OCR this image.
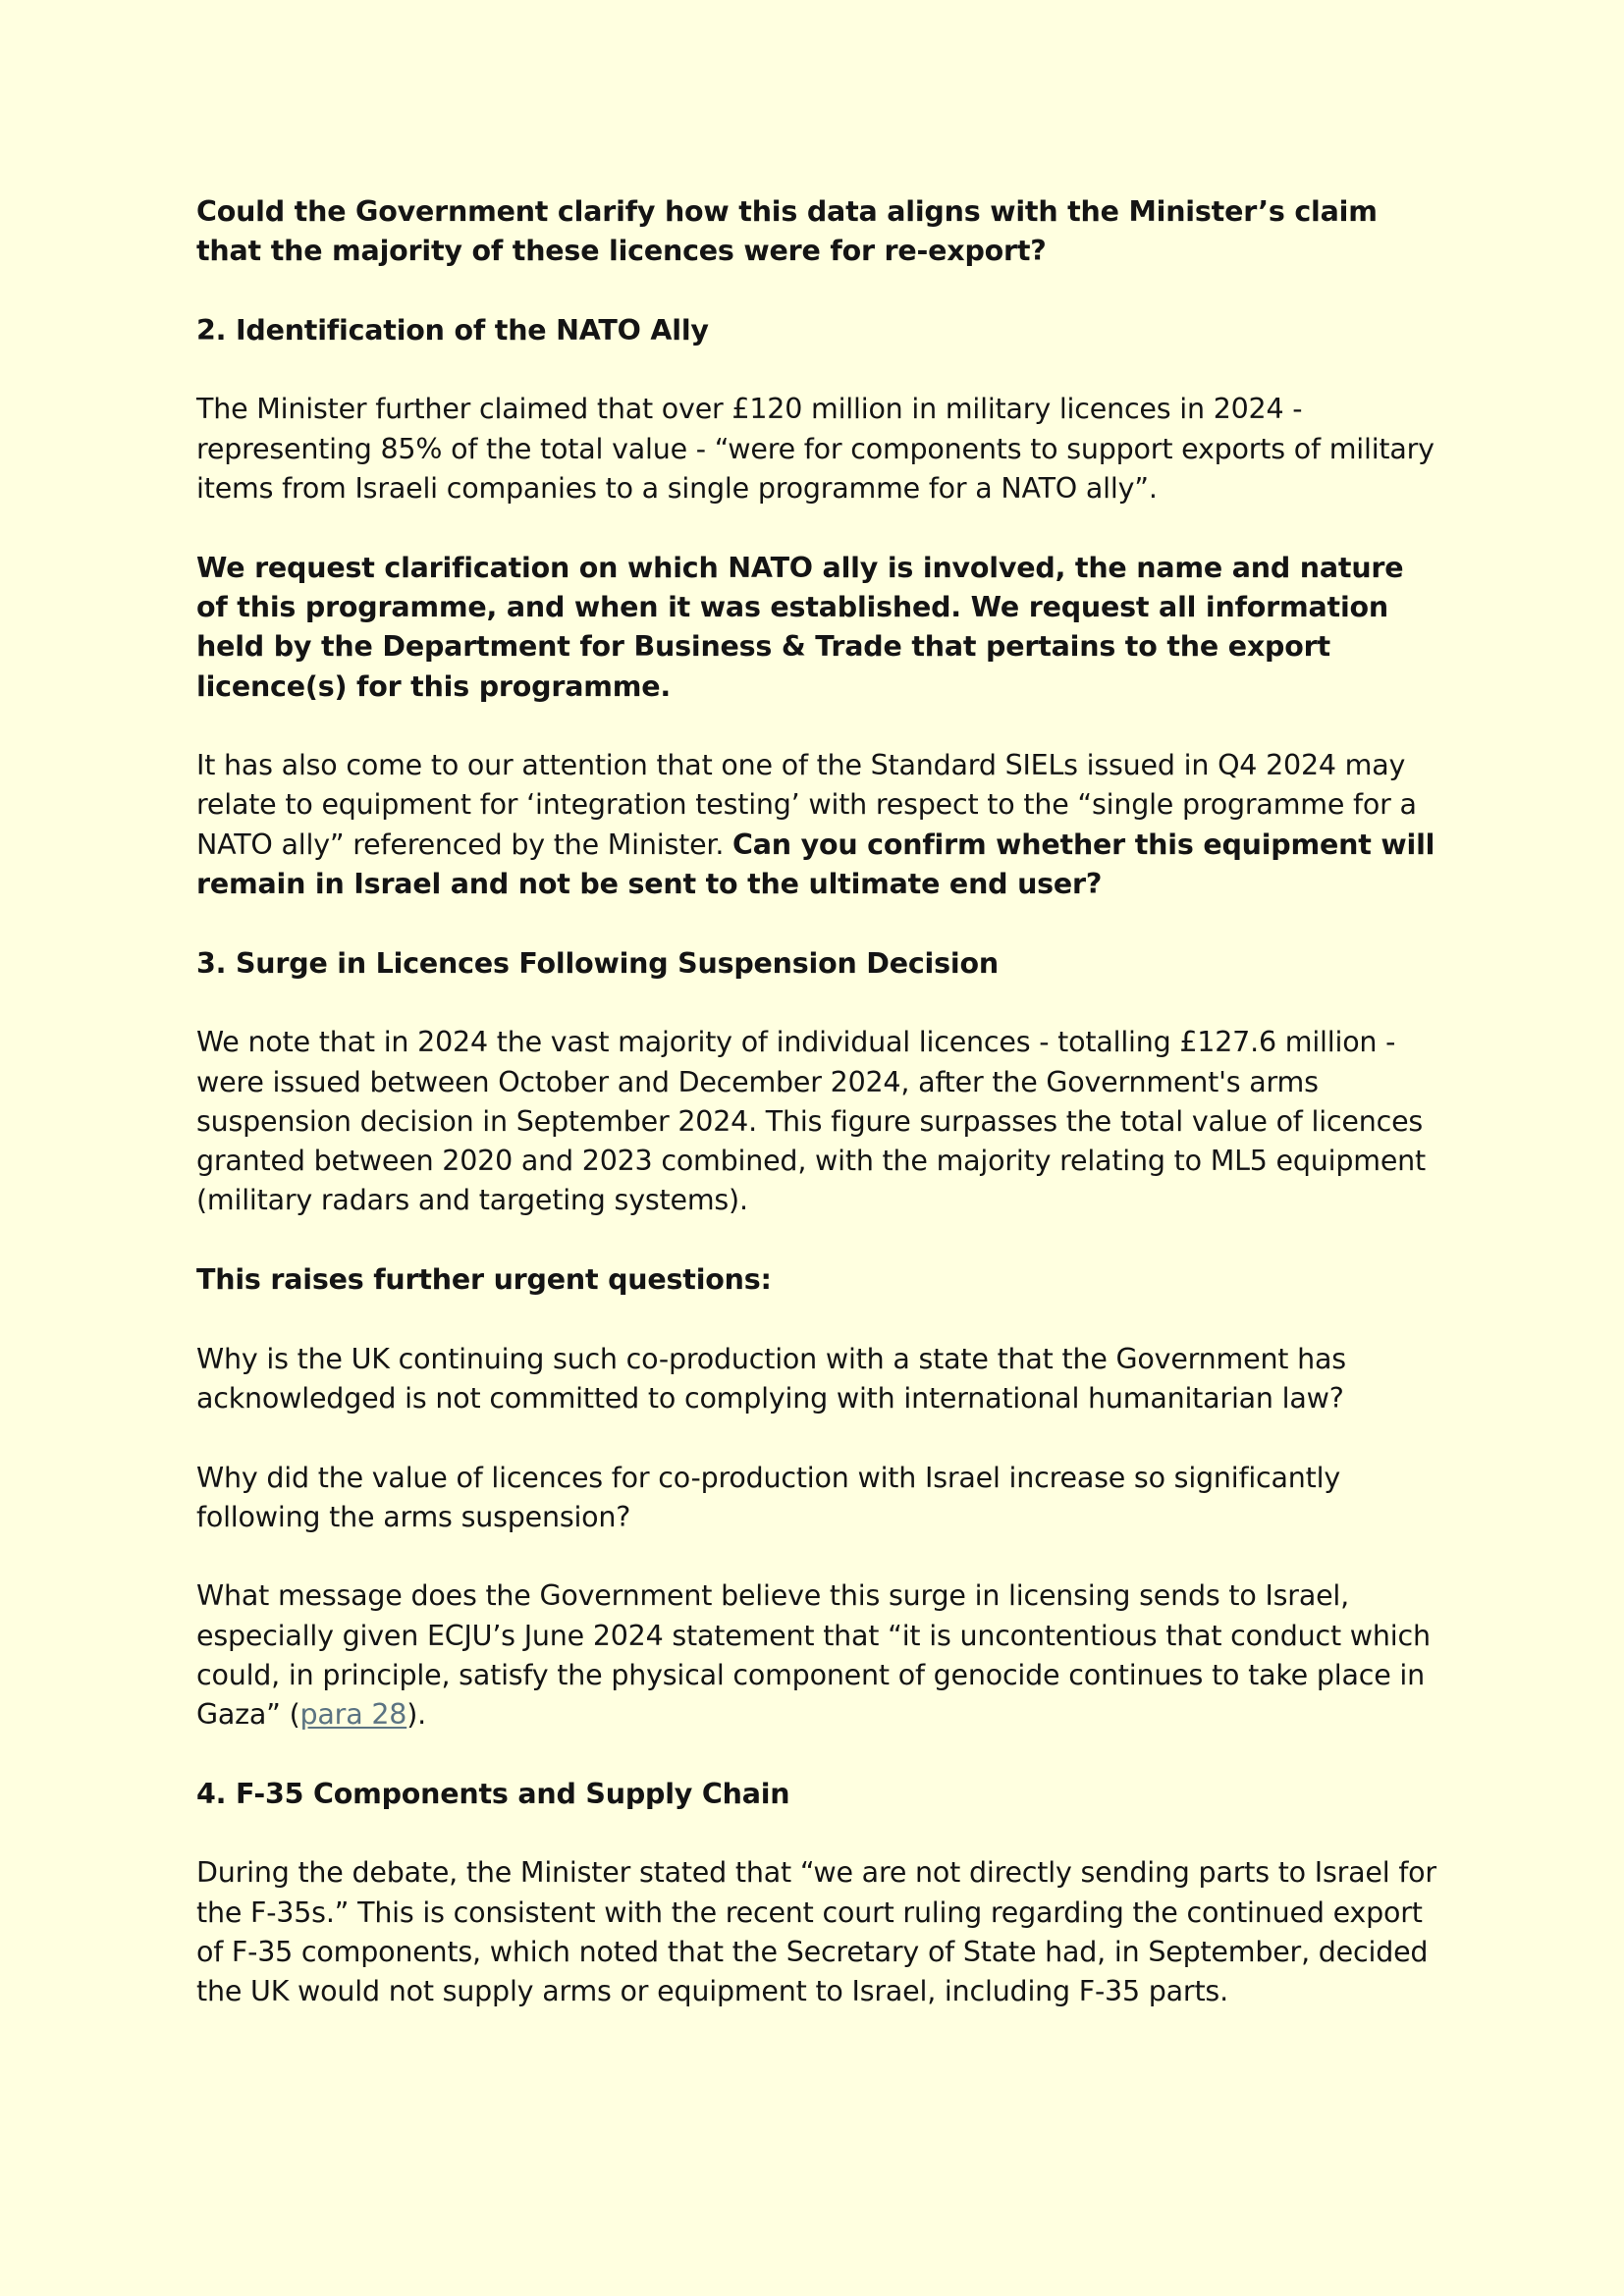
Could the Government clarify how this data aligns with the Minister’s claim that the majority of these licences were for re-export?

2. Identification of the NATO Ally

The Minister further claimed that over £120 million in military licences in 2024 - representing 85% of the total value - “were for components to support exports of military items from Israeli companies to a single programme for a NATO ally”.

We request clarification on which NATO ally is involved, the name and nature of this programme, and when it was established. We request all information held by the Department for Business & Trade that pertains to the export licence(s) for this programme.

It has also come to our attention that one of the Standard SIELs issued in Q4 2024 may relate to equipment for ‘integration testing’ with respect to the “single programme for a NATO ally” referenced by the Minister. Can you confirm whether this equipment will remain in Israel and not be sent to the ultimate end user?

3. Surge in Licences Following Suspension Decision

We note that in 2024 the vast majority of individual licences - totalling £127.6 million - were issued between October and December 2024, after the Government's arms suspension decision in September 2024. This figure surpasses the total value of licences granted between 2020 and 2023 combined, with the majority relating to ML5 equipment (military radars and targeting systems).

This raises further urgent questions:

Why is the UK continuing such co-production with a state that the Government has acknowledged is not committed to complying with international humanitarian law?

Why did the value of licences for co-production with Israel increase so significantly following the arms suspension?

What message does the Government believe this surge in licensing sends to Israel, especially given ECJU’s June 2024 statement that “it is uncontentious that conduct which could, in principle, satisfy the physical component of genocide continues to take place in Gaza” (para 28).

4. F-35 Components and Supply Chain

During the debate, the Minister stated that “we are not directly sending parts to Israel for the F-35s.” This is consistent with the recent court ruling regarding the continued export of F-35 components, which noted that the Secretary of State had, in September, decided the UK would not supply arms or equipment to Israel, including F-35 parts.
